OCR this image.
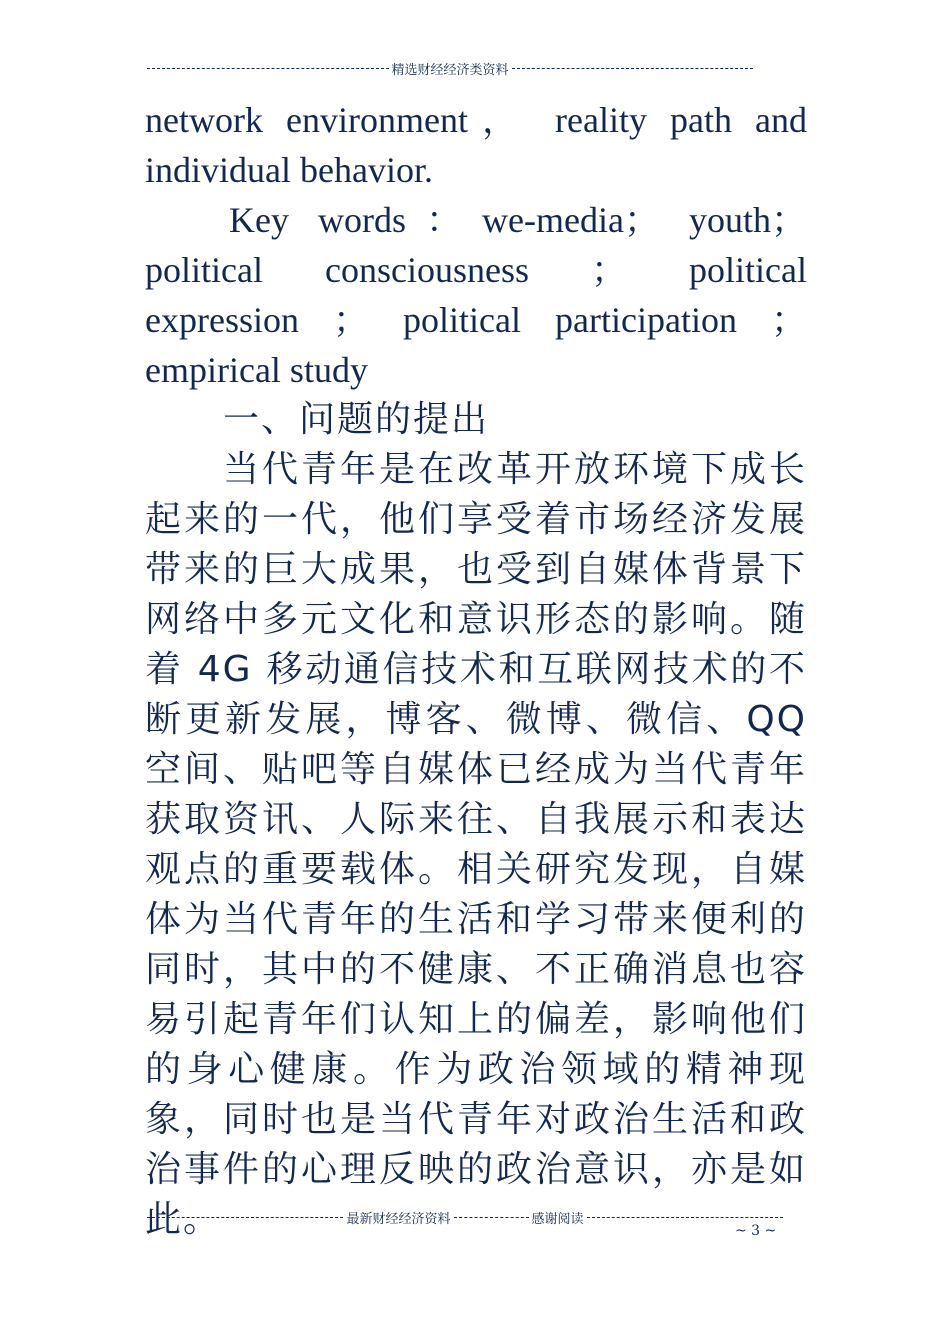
精选财经经济类资料

network environment， reality path and

individual behavior.

Key words：we-media； youth；

political consciousness ； political

expression ； political participation ；

empirical study

一、问题的提出

当代青年是在改革开放环境下成长起来的一代，他们享受着市场经济发展带来的巨大成果，也受到自媒体背景下网络中多元文化和意识形态的影响。随着 4G 移动通信技术和互联网技术的不断更新发展，博客、微博、微信、QQ 空间、贴吧等自媒体已经成为当代青年获取资讯、人际来往、自我展示和表达观点的重要载体。相关研究发现，自媒体为当代青年的生活和学习带来便利的同时，其中的不健康、不正确消息也容易引起青年们认知上的偏差，影响他们的身心健康。作为政治领域的精神现象，同时也是当代青年对政治生活和政治事件的心理反映的政治意识，亦是如此。	最新财经经济资料	感谢阅读
~ 3 ~
